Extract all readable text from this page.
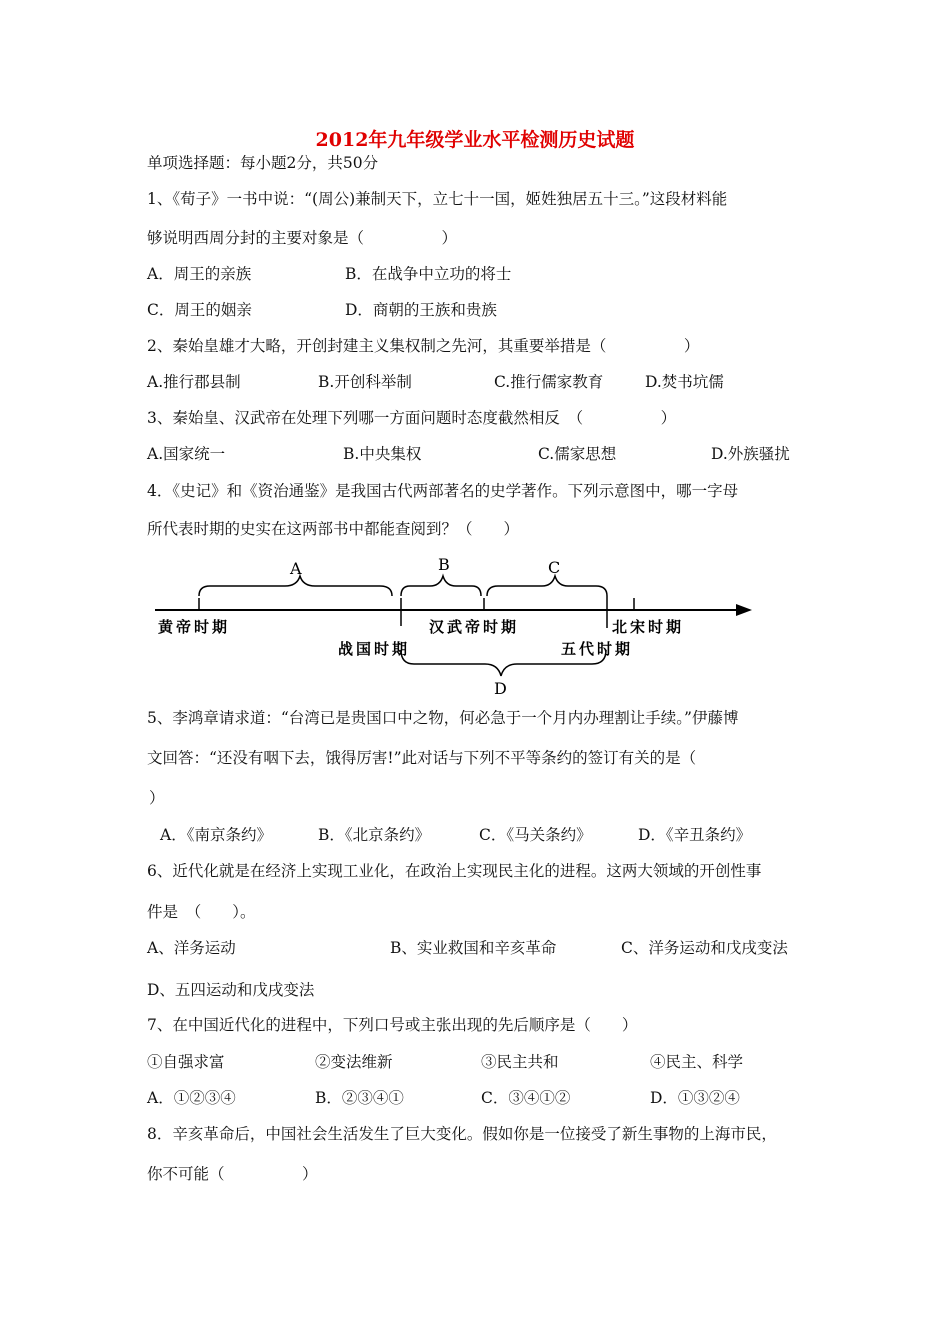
2012年九年级学业水平检测历史试题
单项选择题：每小题2分，共50分
1、《荀子》一书中说：“(周公)兼制天下，立七十一国，姬姓独居五十三。”这段材料能
够说明西周分封的主要对象是（　　　　　）
A．周王的亲族	B．在战争中立功的将士
C．周王的姻亲	D．商朝的王族和贵族
2、秦始皇雄才大略，开创封建主义集权制之先河，其重要举措是（　　　　　）
A.推行郡县制	B.开创科举制	C.推行儒家教育	D.焚书坑儒
3、秦始皇、汉武帝在处理下列哪一方面问题时态度截然相反　（　　　　　）
A.国家统一	B.中央集权	C.儒家思想	D.外族骚扰
4．《史记》和《资治通鉴》是我国古代两部著名的史学著作。下列示意图中，哪一字母
所代表时期的史实在这两部书中都能查阅到？（　　）
A	B	C
D
黄帝时期
战国时期
汉武帝时期
五代时期
北宋时期
5、李鸿章请求道：“台湾已是贵国口中之物，何必急于一个月内办理割让手续。”伊藤博
文回答：“还没有咽下去，饿得厉害!”此对话与下列不平等条约的签订有关的是（
）
A．《南京条约》	B．《北京条约》	C．《马关条约》	D．《辛丑条约》
6、近代化就是在经济上实现工业化，在政治上实现民主化的进程。这两大领域的开创性事
件是　（　　）。
A、洋务运动	B、实业救国和辛亥革命	C、洋务运动和戊戌变法
D、五四运动和戊戌变法
7、在中国近代化的进程中，下列口号或主张出现的先后顺序是（　　）
①自强求富	②变法维新	③民主共和	④民主、科学
A．①②③④	B．②③④①	C．③④①②	D．①③②④
8．辛亥革命后，中国社会生活发生了巨大变化。假如你是一位接受了新生事物的上海市民，
你不可能（　　　　　）
